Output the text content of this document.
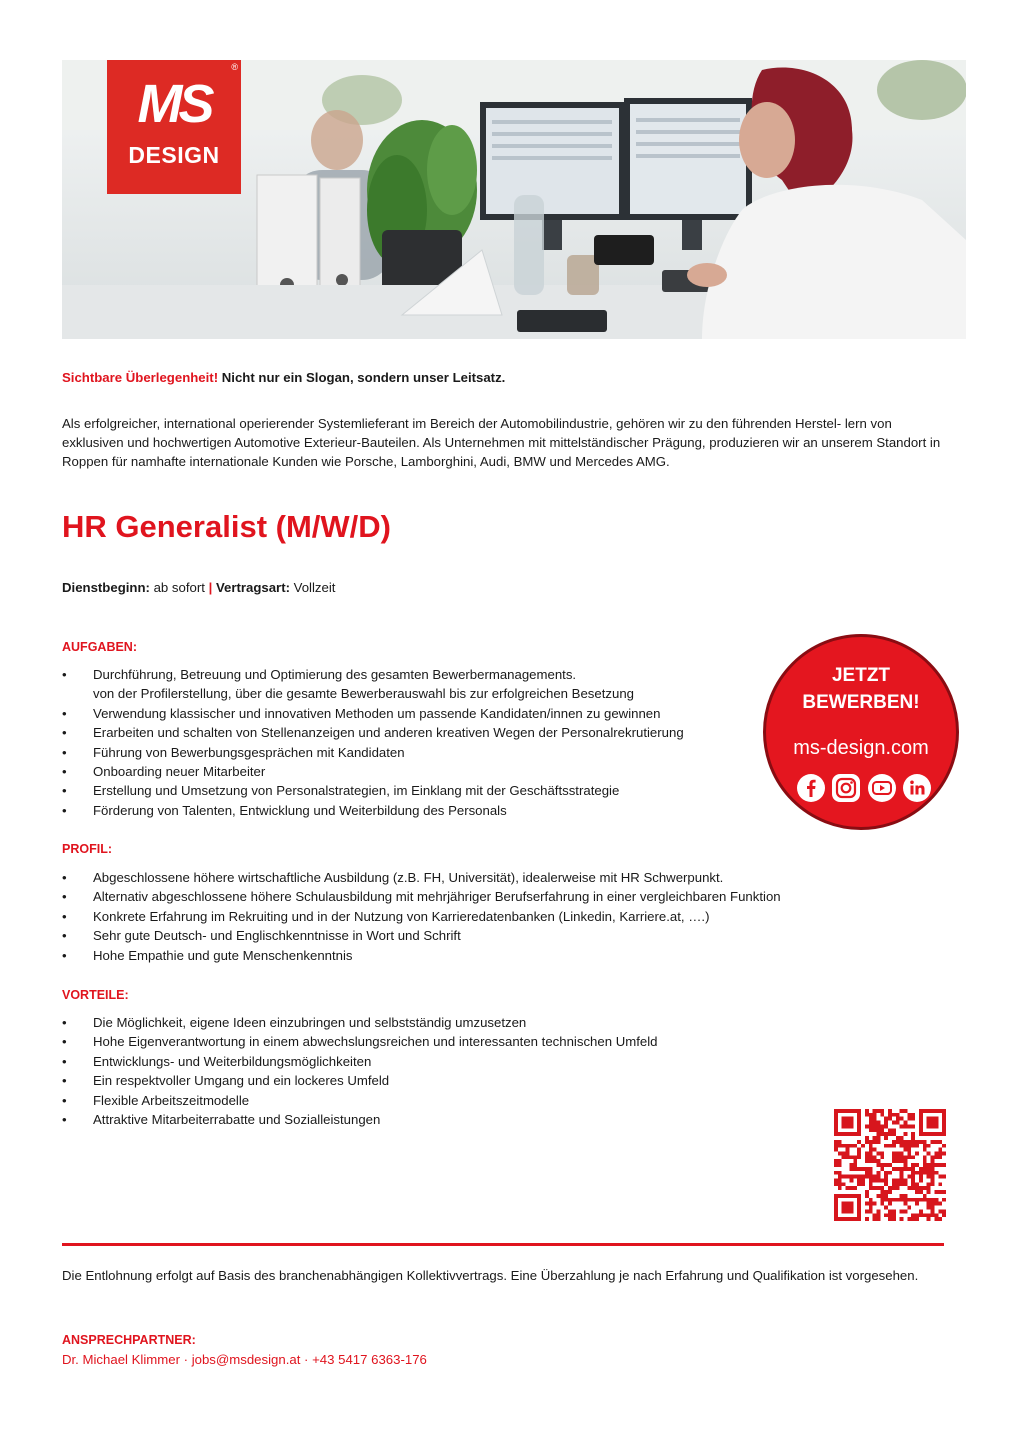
®
MS
DESIGN
Sichtbare Überlegenheit! Nicht nur ein Slogan, sondern unser Leitsatz.
Als erfolgreicher, international operierender Systemlieferant im Bereich der Automobilindustrie, gehören wir zu den führenden Herstel- lern von exklusiven und hochwertigen Automotive Exterieur-Bauteilen. Als Unternehmen mit mittelständischer Prägung, produzieren wir an unserem Standort in Roppen für namhafte internationale Kunden wie Porsche, Lamborghini, Audi, BMW und Mercedes AMG.
HR Generalist (M/W/D)
Dienstbeginn: ab sofort | Vertragsart: Vollzeit
AUFGABEN:
• Durchführung, Betreuung und Optimierung des gesamten Bewerbermanagements.
von der Profilerstellung, über die gesamte Bewerberauswahl bis zur erfolgreichen Besetzung
• Verwendung klassischer und innovativen Methoden um passende Kandidaten/innen zu gewinnen
• Erarbeiten und schalten von Stellenanzeigen und anderen kreativen Wegen der Personalrekrutierung
• Führung von Bewerbungsgesprächen mit Kandidaten
• Onboarding neuer Mitarbeiter
• Erstellung und Umsetzung von Personalstrategien, im Einklang mit der Geschäftsstrategie
• Förderung von Talenten, Entwicklung und Weiterbildung des Personals
PROFIL:
• Abgeschlossene höhere wirtschaftliche Ausbildung (z.B. FH, Universität), idealerweise mit HR Schwerpunkt.
• Alternativ abgeschlossene höhere Schulausbildung mit mehrjähriger Berufserfahrung in einer vergleichbaren Funktion
• Konkrete Erfahrung im Rekruiting und in der Nutzung von Karrieredatenbanken (Linkedin, Karriere.at, ….)
• Sehr gute Deutsch- und Englischkenntnisse in Wort und Schrift
• Hohe Empathie und gute Menschenkenntnis
VORTEILE:
• Die Möglichkeit, eigene Ideen einzubringen und selbstständig umzusetzen
• Hohe Eigenverantwortung in einem abwechslungsreichen und interessanten technischen Umfeld
• Entwicklungs- und Weiterbildungsmöglichkeiten
• Ein respektvoller Umgang und ein lockeres Umfeld
• Flexible Arbeitszeitmodelle
• Attraktive Mitarbeiterrabatte und Sozialleistungen
JETZT
BEWERBEN!
ms-design.com
Die Entlohnung erfolgt auf Basis des branchenabhängigen Kollektivvertrags. Eine Überzahlung je nach Erfahrung und Qualifikation ist vorgesehen.
ANSPRECHPARTNER:
Dr. Michael Klimmer · jobs@msdesign.at · +43 5417 6363-176
